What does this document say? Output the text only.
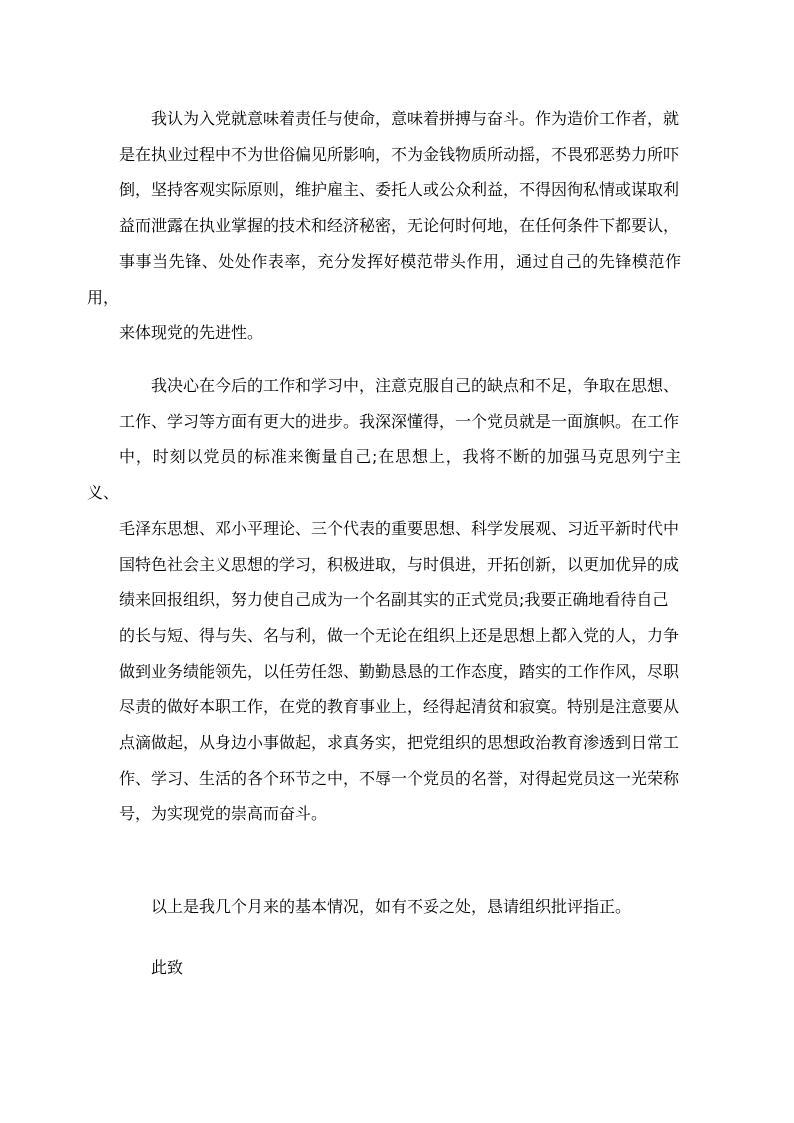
我认为入党就意味着责任与使命，意味着拼搏与奋斗。作为造价工作者，就
是在执业过程中不为世俗偏见所影响，不为金钱物质所动摇，不畏邪恶势力所吓
倒，坚持客观实际原则，维护雇主、委托人或公众利益，不得因徇私情或谋取利
益而泄露在执业掌握的技术和经济秘密，无论何时何地，在任何条件下都要认，
事事当先锋、处处作表率，充分发挥好模范带头作用，通过自己的先锋模范作用，
来体现党的先进性。

我决心在今后的工作和学习中，注意克服自己的缺点和不足，争取在思想、
工作、学习等方面有更大的进步。我深深懂得，一个党员就是一面旗帜。在工作
中，时刻以党员的标准来衡量自己;在思想上，我将不断的加强马克思列宁主义、
毛泽东思想、邓小平理论、三个代表的重要思想、科学发展观、习近平新时代中
国特色社会主义思想的学习，积极进取，与时俱进，开拓创新，以更加优异的成
绩来回报组织，努力使自己成为一个名副其实的正式党员;我要正确地看待自己
的长与短、得与失、名与利，做一个无论在组织上还是思想上都入党的人，力争
做到业务绩能领先，以任劳任怨、勤勤恳恳的工作态度，踏实的工作作风，尽职
尽责的做好本职工作，在党的教育事业上，经得起清贫和寂寞。特别是注意要从
点滴做起，从身边小事做起，求真务实，把党组织的思想政治教育渗透到日常工
作、学习、生活的各个环节之中，不辱一个党员的名誉，对得起党员这一光荣称
号，为实现党的崇高而奋斗。

以上是我几个月来的基本情况，如有不妥之处，恳请组织批评指正。

此致
